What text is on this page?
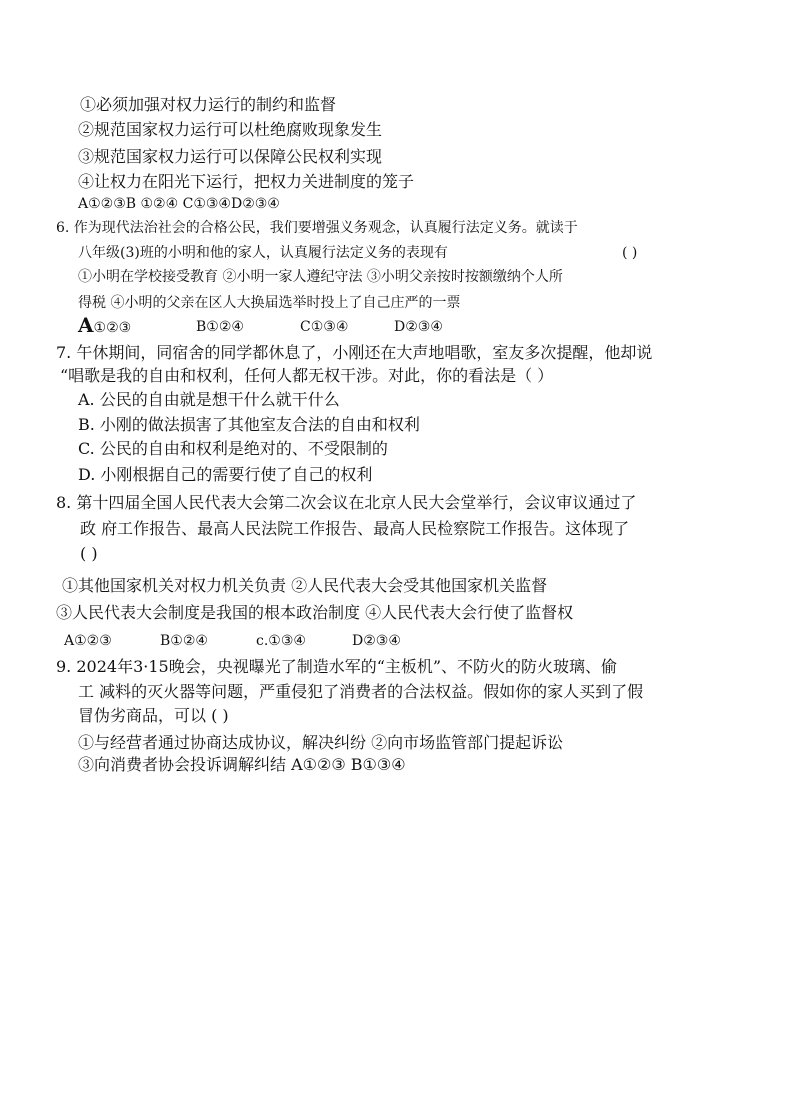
①必须加强对权力运行的制约和监督
②规范国家权力运行可以杜绝腐败现象发生
③规范国家权力运行可以保障公民权利实现
④让权力在阳光下运行，把权力关进制度的笼子
A①②③B ①②④ C①③④D②③④
6. 作为现代法治社会的合格公民，我们要增强义务观念，认真履行法定义务。就读于
八年级(3)班的小明和他的家人，认真履行法定义务的表现有	( )
①小明在学校接受教育 ②小明一家人遵纪守法 ③小明父亲按时按额缴纳个人所
得税 ④小明的父亲在区人大换届选举时投上了自己庄严的一票
A①②③	B①②④	C①③④	D②③④
7. 午休期间，同宿舍的同学都休息了，小刚还在大声地唱歌，室友多次提醒，他却说
“唱歌是我的自由和权利，任何人都无权干涉。对此，你的看法是（ ）
A. 公民的自由就是想干什么就干什么
B. 小刚的做法损害了其他室友合法的自由和权利
C. 公民的自由和权利是绝对的、不受限制的
D. 小刚根据自己的需要行使了自己的权利
8. 第十四届全国人民代表大会第二次会议在北京人民大会堂举行，会议审议通过了
政 府工作报告、最高人民法院工作报告、最高人民检察院工作报告。这体现了
( )
①其他国家机关对权力机关负责 ②人民代表大会受其他国家机关监督
③人民代表大会制度是我国的根本政治制度 ④人民代表大会行使了监督权
A①②③	B①②④	c.①③④	D②③④
9. 2024年3·15晚会，央视曝光了制造水军的“主板机”、不防火的防火玻璃、偷
工 减料的灭火器等问题，严重侵犯了消费者的合法权益。假如你的家人买到了假
冒伪劣商品，可以 ( )
①与经营者通过协商达成协议，解决纠纷 ②向市场监管部门提起诉讼
③向消费者协会投诉调解纠结 A①②③ B①③④
